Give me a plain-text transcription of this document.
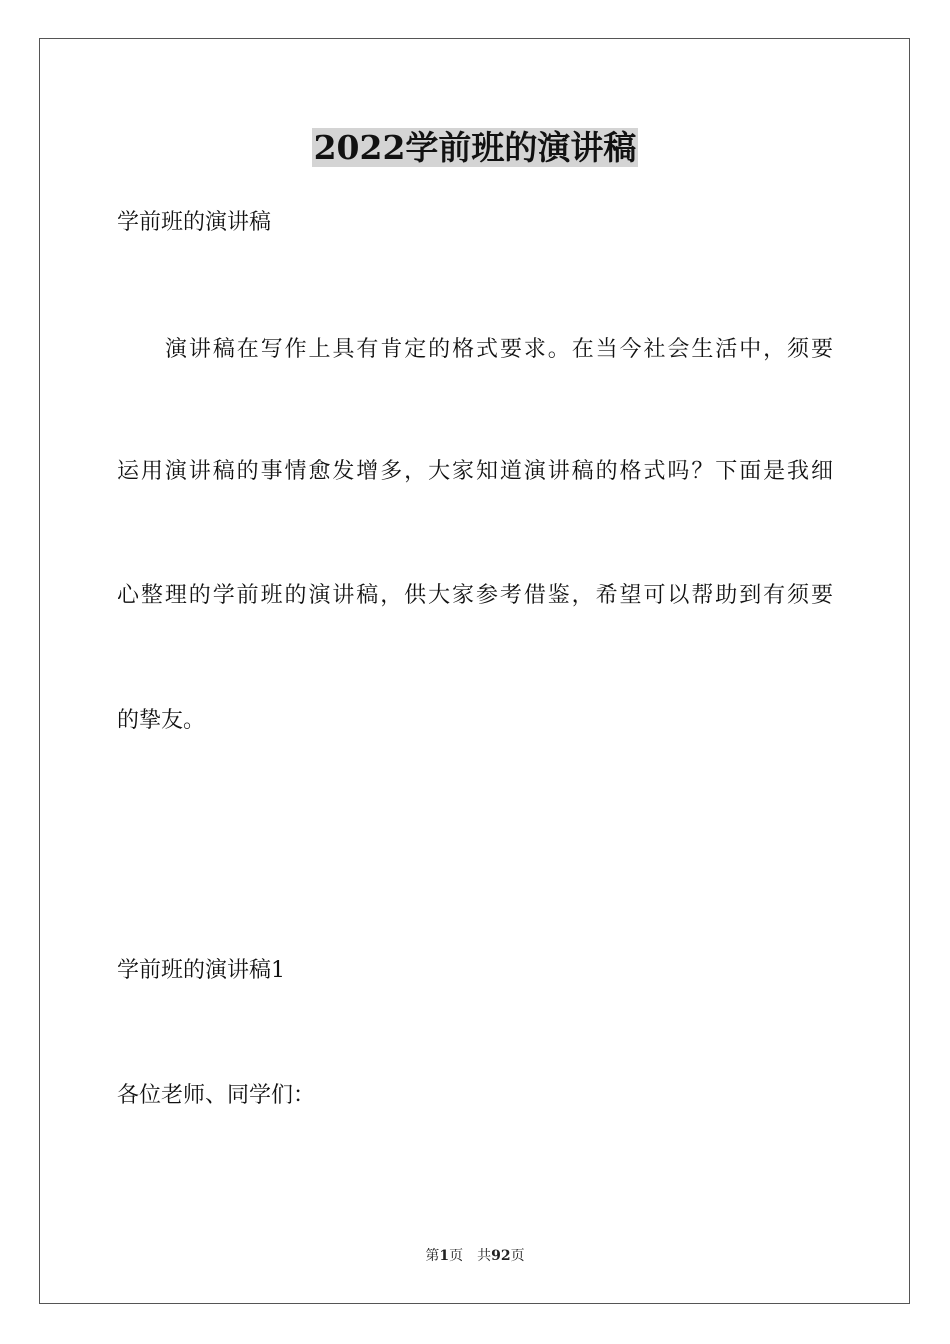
2022学前班的演讲稿
学前班的演讲稿
演讲稿在写作上具有肯定的格式要求。在当今社会生活中，须要
运用演讲稿的事情愈发增多，大家知道演讲稿的格式吗？下面是我细
心整理的学前班的演讲稿，供大家参考借鉴，希望可以帮助到有须要
的挚友。
学前班的演讲稿1
各位老师、同学们：
第1页 共92页
